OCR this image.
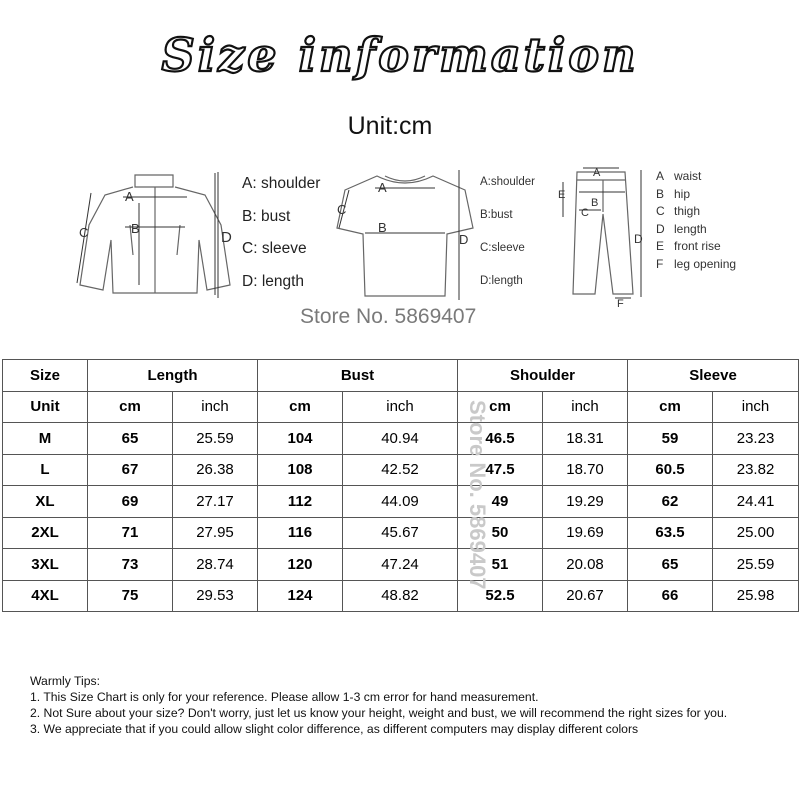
Size information
Unit:cm
A
B
C	D
A: shoulder
B: bust
C: sleeve
D: length
A
B
C
D
A:shoulder
B:bust
C:sleeve
D:length
A
B
C
E
F
D
A waist
B hip
C thigh
D length
E front rise
F leg opening
Store No. 5869407
Size	Length		Bust		Shoulder		Sleeve	
Unit	cm	inch	cm	inch	cm	inch	cm	inch
M	65	25.59	104	40.94	46.5	18.31	59	23.23
L	67	26.38	108	42.52	47.5	18.70	60.5	23.82
XL	69	27.17	112	44.09	49	19.29	62	24.41
2XL	71	27.95	116	45.67	50	19.69	63.5	25.00
3XL	73	28.74	120	47.24	51	20.08	65	25.59
4XL	75	29.53	124	48.82	52.5	20.67	66	25.98
Store No. 5869407
Warmly Tips:
1. This Size Chart is only for your reference. Please allow 1-3 cm error for hand measurement.
2. Not Sure about your size? Don't worry, just let us know your height, weight and bust, we will recommend the right sizes for you.
3. We appreciate that if you could allow slight color difference, as different computers may display different colors
